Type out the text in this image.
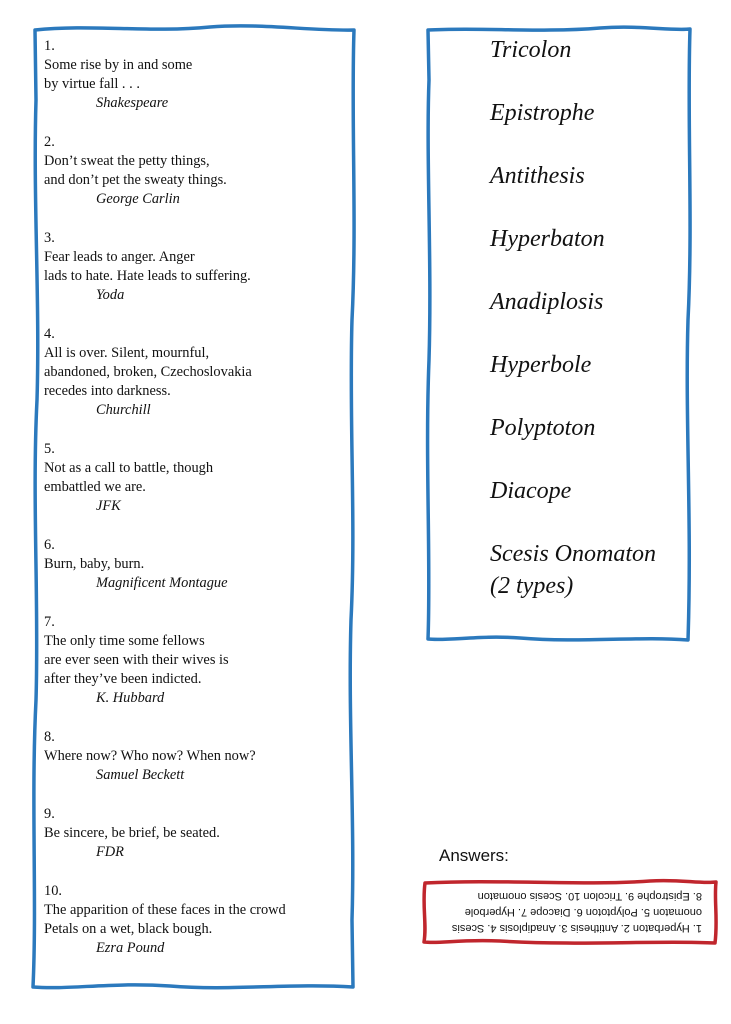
1.
Some rise by in and some
by virtue fall . . .
Shakespeare
2.
Don’t sweat the petty things,
and don’t pet the sweaty things.
George Carlin
3.
Fear leads to anger. Anger
lads to hate. Hate leads to suffering.
Yoda
4.
All is over. Silent, mournful,
abandoned, broken, Czechoslovakia
recedes into darkness.
Churchill
5.
Not as a call to battle, though
embattled we are.
JFK
6.
Burn, baby, burn.
Magnificent Montague
7.
The only time some fellows
are ever seen with their wives is
after they’ve been indicted.
K. Hubbard
8.
Where now? Who now? When now?
Samuel Beckett
9.
Be sincere, be brief, be seated.
FDR
10.
The apparition of these faces in the crowd
Petals on a wet, black bough.
Ezra Pound
Tricolon
Epistrophe
Antithesis
Hyperbaton
Anadiplosis
Hyperbole
Polyptoton
Diacope
Scesis Onomaton
(2 types)
Answers:
1. Hyperbaton 2. Antithesis 3. Anadiplosis 4. Scesis
onomaton 5. Polyptoton 6. Diacope 7. Hyperbole
8. Epistrophe 9. Tricolon 10. Scesis onomaton
